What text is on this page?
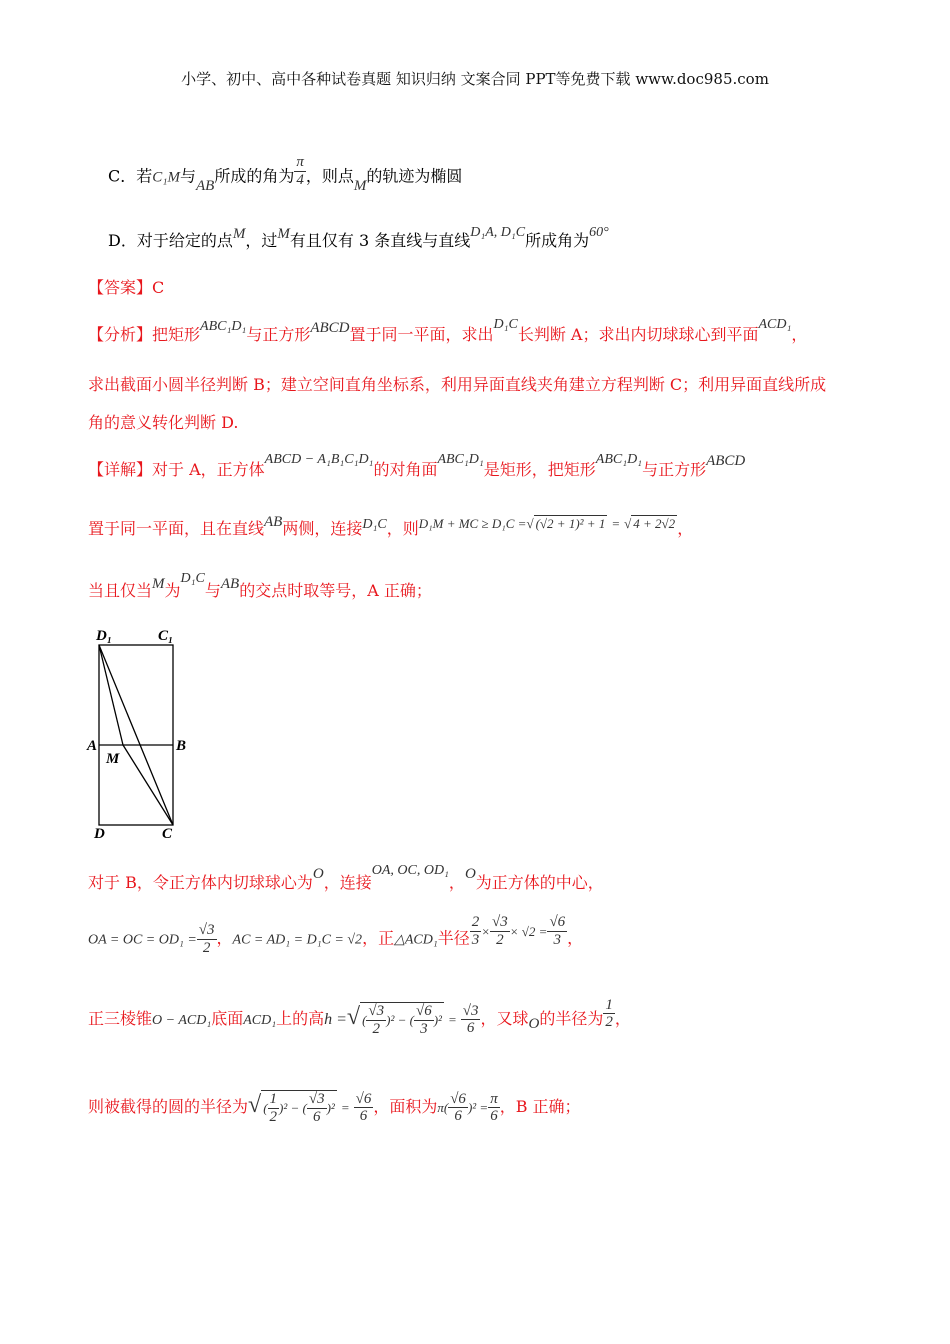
小学、初中、高中各种试卷真题 知识归纳 文案合同 PPT等免费下载 www.doc985.com
C．若C₁M与AB所成的角为 $\frac{\pi}{4}$ ，则点M的轨迹为椭圆
D．对于给定的点M，过M有且仅有 3 条直线与直线D₁A, D₁C所成角为60°
【答案】C
【分析】把矩形ABC₁D₁与正方形ABCD置于同一平面，求出D₁C长判断 A；求出内切球球心到平面ACD₁，
求出截面小圆半径判断 B；建立空间直角坐标系，利用异面直线夹角建立方程判断 C；利用异面直线所成
角的意义转化判断 D.
【详解】对于 A，正方体ABCD − A₁B₁C₁D₁的对角面ABC₁D₁是矩形，把矩形ABC₁D₁与正方形ABCD
置于同一平面，且在直线AB两侧，连接D₁C，则$^{D_1M + MC \ge D_1C =√}$ $^{(√2 + 1)^2 + 1}$ = √ $^{4 + 2√2}$ ，
当且仅当M为D₁C与AB的交点时取等号，A 正确；
D₁	C₁
A	B
M
D	C
对于 B，令正方体内切球球心为O，连接OA, OC, OD₁，O为正方体的中心，
OA = OC = $OD_1 = \frac{√3}{2}$ ，AC = AD₁ = D₁C = √2，正△ACD₁半径 $\frac{2}{3} ^\times \frac{√3}{2} ^{\times √2 =} \frac{√6}{3}$ ，
正三棱锥O − ACD₁底面ACD₁上的高h =√ ( $\frac{√3}{2} )^2$ − ( $\frac{√6}{3} )^2 = \frac{√3}{6}$ ，又球O的半径为 $\frac{1}{2}$ ，
则被截得的圆的半径为√ ( $\frac{1}{2} )^2$ − ( $\frac{√3}{6} )^2 = \frac{√6}{6}$ ，面积为$\pi( \frac{√6}{6} )^2 = \frac{\pi}{6}$ ，B 正确；
